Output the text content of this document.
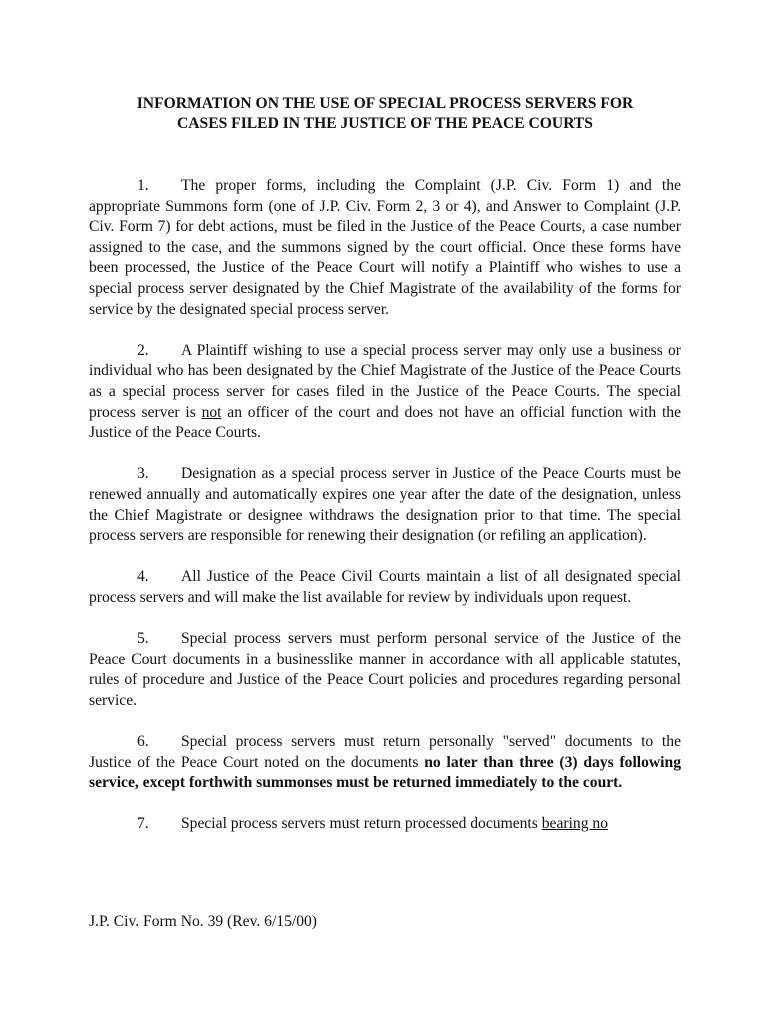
INFORMATION ON THE USE OF SPECIAL PROCESS SERVERS FOR
CASES FILED IN THE JUSTICE OF THE PEACE COURTS

1. The proper forms, including the Complaint (J.P. Civ. Form 1) and the appropriate Summons form (one of J.P. Civ. Form 2, 3 or 4), and Answer to Complaint (J.P. Civ. Form 7) for debt actions, must be filed in the Justice of the Peace Courts, a case number assigned to the case, and the summons signed by the court official. Once these forms have been processed, the Justice of the Peace Court will notify a Plaintiff who wishes to use a special process server designated by the Chief Magistrate of the availability of the forms for service by the designated special process server.

2. A Plaintiff wishing to use a special process server may only use a business or individual who has been designated by the Chief Magistrate of the Justice of the Peace Courts as a special process server for cases filed in the Justice of the Peace Courts. The special process server is not an officer of the court and does not have an official function with the Justice of the Peace Courts.

3. Designation as a special process server in Justice of the Peace Courts must be renewed annually and automatically expires one year after the date of the designation, unless the Chief Magistrate or designee withdraws the designation prior to that time. The special process servers are responsible for renewing their designation (or refiling an application).

4. All Justice of the Peace Civil Courts maintain a list of all designated special process servers and will make the list available for review by individuals upon request.

5. Special process servers must perform personal service of the Justice of the Peace Court documents in a businesslike manner in accordance with all applicable statutes, rules of procedure and Justice of the Peace Court policies and procedures regarding personal service.

6. Special process servers must return personally "served" documents to the Justice of the Peace Court noted on the documents no later than three (3) days following service, except forthwith summonses must be returned immediately to the court.

7. Special process servers must return processed documents bearing no

J.P. Civ. Form No. 39 (Rev. 6/15/00)
